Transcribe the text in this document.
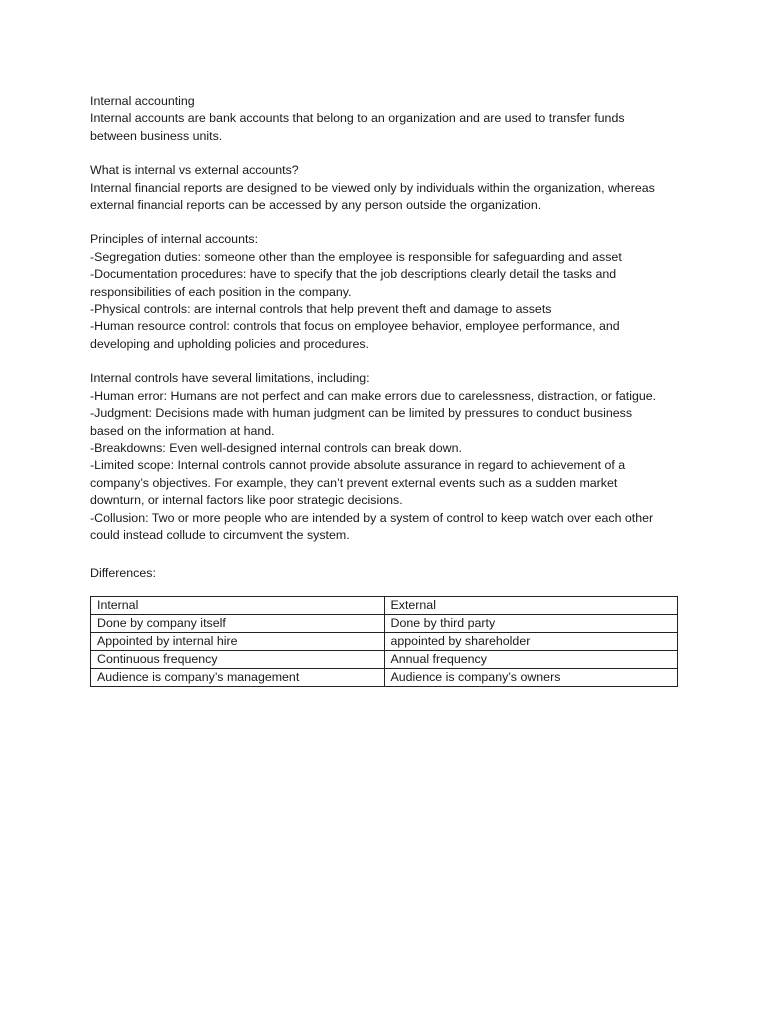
Internal accounting
Internal accounts are bank accounts that belong to an organization and are used to transfer funds
between business units.
What is internal vs external accounts?
Internal financial reports are designed to be viewed only by individuals within the organization, whereas
external financial reports can be accessed by any person outside the organization.
Principles of internal accounts:
-Segregation duties: someone other than the employee is responsible for safeguarding and asset
-Documentation procedures: have to specify that the job descriptions clearly detail the tasks and
responsibilities of each position in the company.
-Physical controls: are internal controls that help prevent theft and damage to assets
-Human resource control: controls that focus on employee behavior, employee performance, and
developing and upholding policies and procedures.
Internal controls have several limitations, including:
-Human error: Humans are not perfect and can make errors due to carelessness, distraction, or fatigue.
-Judgment: Decisions made with human judgment can be limited by pressures to conduct business
based on the information at hand.
-Breakdowns: Even well-designed internal controls can break down.
-Limited scope: Internal controls cannot provide absolute assurance in regard to achievement of a
company’s objectives. For example, they can’t prevent external events such as a sudden market
downturn, or internal factors like poor strategic decisions.
-Collusion: Two or more people who are intended by a system of control to keep watch over each other
could instead collude to circumvent the system.
Differences:
Internal	External
Done by company itself	Done by third party
Appointed by internal hire	appointed by shareholder
Continuous frequency	Annual frequency
Audience is company’s management	Audience is company’s owners
